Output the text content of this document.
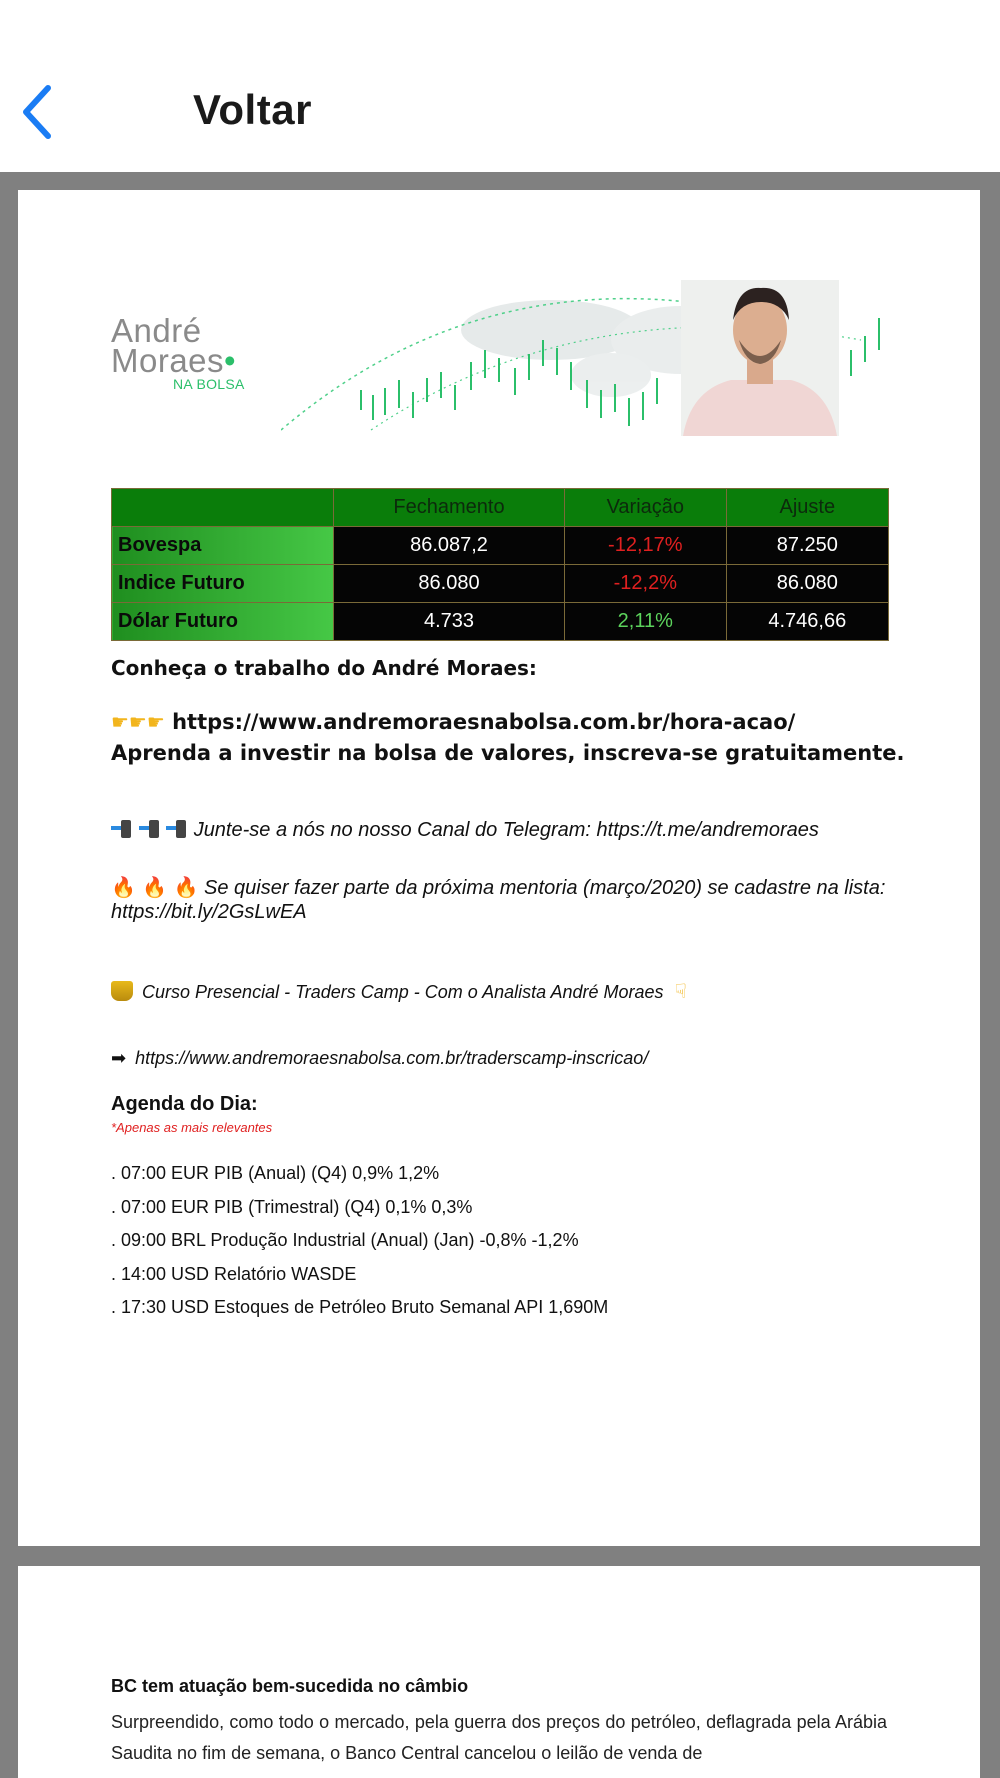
Voltar
André
Moraes•
NA BOLSA
	Fechamento	Variação	Ajuste
Bovespa	86.087,2	-12,17%	87.250
Indice Futuro	86.080	-12,2%	86.080
Dólar Futuro	4.733	2,11%	4.746,66
Conheça o trabalho do André Moraes:
☛☛☛ https://www.andremoraesnabolsa.com.br/hora-acao/
Aprenda a investir na bolsa de valores, inscreva-se gratuitamente.

Junte-se a nós no nosso Canal do Telegram: https://t.me/andremoraes
🔥 🔥 🔥 Se quiser fazer parte da próxima mentoria (março/2020) se cadastre na lista:
https://bit.ly/2GsLwEA
Curso Presencial - Traders Camp - Com o Analista André Moraes ☟
➡ https://www.andremoraesnabolsa.com.br/traderscamp-inscricao/
Agenda do Dia:
*Apenas as mais relevantes
. 07:00 EUR PIB (Anual) (Q4) 0,9% 1,2%
. 07:00 EUR PIB (Trimestral) (Q4) 0,1% 0,3%
. 09:00 BRL Produção Industrial (Anual) (Jan) -0,8% -1,2%
. 14:00 USD Relatório WASDE
. 17:30 USD Estoques de Petróleo Bruto Semanal API 1,690M
BC tem atuação bem-sucedida no câmbio
Surpreendido, como todo o mercado, pela guerra dos preços do petróleo, deflagrada pela Arábia Saudita no fim de semana, o Banco Central cancelou o leilão de venda de
